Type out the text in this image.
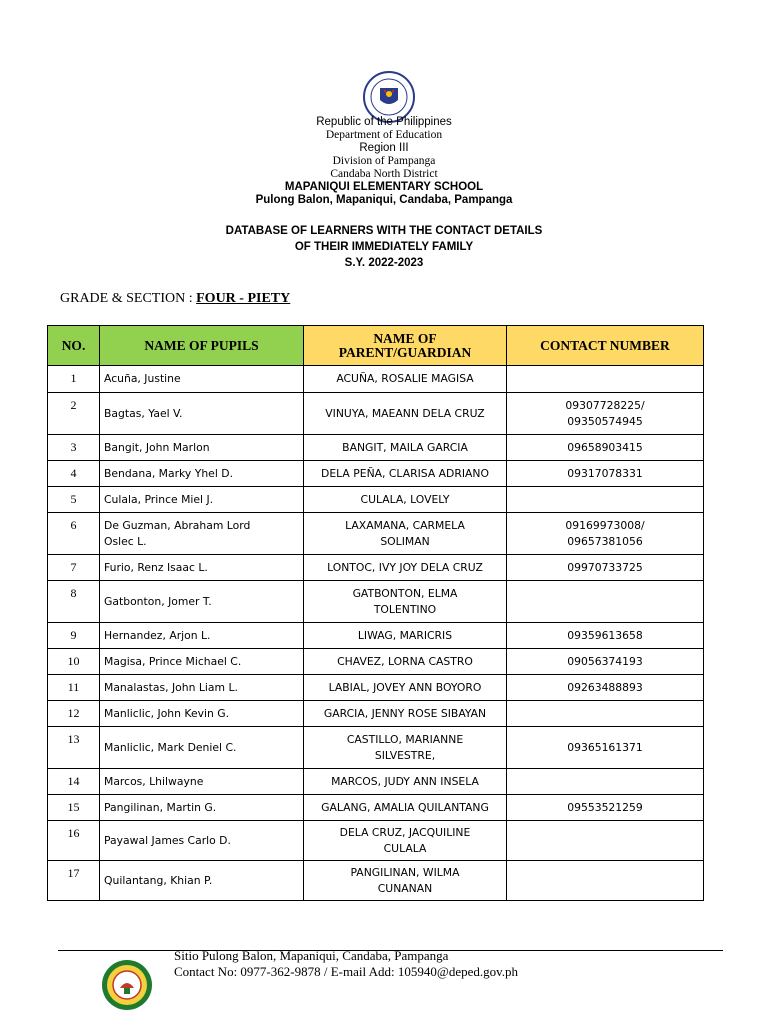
Republic of the Philippines
Department of Education
Region III
Division of Pampanga
Candaba North District
MAPANIQUI ELEMENTARY SCHOOL
Pulong Balon, Mapaniqui, Candaba, Pampanga
DATABASE OF LEARNERS WITH THE CONTACT DETAILS
OF THEIR IMMEDIATELY FAMILY
S.Y. 2022-2023
GRADE & SECTION : FOUR - PIETY
NO.	NAME OF PUPILS	NAME OF
PARENT/GUARDIAN	CONTACT NUMBER
1	Acuña, Justine	ACUÑA, ROSALIE MAGISA	
2	Bagtas, Yael V.	VINUYA, MAEANN DELA CRUZ	09307728225/
09350574945
3	Bangit, John Marlon	BANGIT, MAILA GARCIA	09658903415
4	Bendana, Marky Yhel D.	DELA PEÑA, CLARISA ADRIANO	09317078331
5	Culala, Prince Miel J.	CULALA, LOVELY	
6	De Guzman, Abraham Lord
Oslec L.	LAXAMANA, CARMELA
SOLIMAN	09169973008/
09657381056
7	Furio, Renz Isaac L.	LONTOC, IVY JOY DELA CRUZ	09970733725
8	Gatbonton, Jomer T.	GATBONTON, ELMA
TOLENTINO	
9	Hernandez, Arjon L.	LIWAG, MARICRIS	09359613658
10	Magisa, Prince Michael C.	CHAVEZ, LORNA CASTRO	09056374193
11	Manalastas, John Liam L.	LABIAL, JOVEY ANN BOYORO	09263488893
12	Manliclic, John Kevin G.	GARCIA, JENNY ROSE SIBAYAN	
13	Manliclic, Mark Deniel C.	CASTILLO, MARIANNE
SILVESTRE,	09365161371
14	Marcos, Lhilwayne	MARCOS, JUDY ANN INSELA	
15	Pangilinan, Martin G.	GALANG, AMALIA QUILANTANG	09553521259
16	Payawal James Carlo D.	DELA CRUZ, JACQUILINE
CULALA	
17	Quilantang, Khian P.	PANGILINAN, WILMA
CUNANAN	
Sitio Pulong Balon, Mapaniqui, Candaba, Pampanga
Contact No: 0977-362-9878 / E-mail Add: 105940@deped.gov.ph
